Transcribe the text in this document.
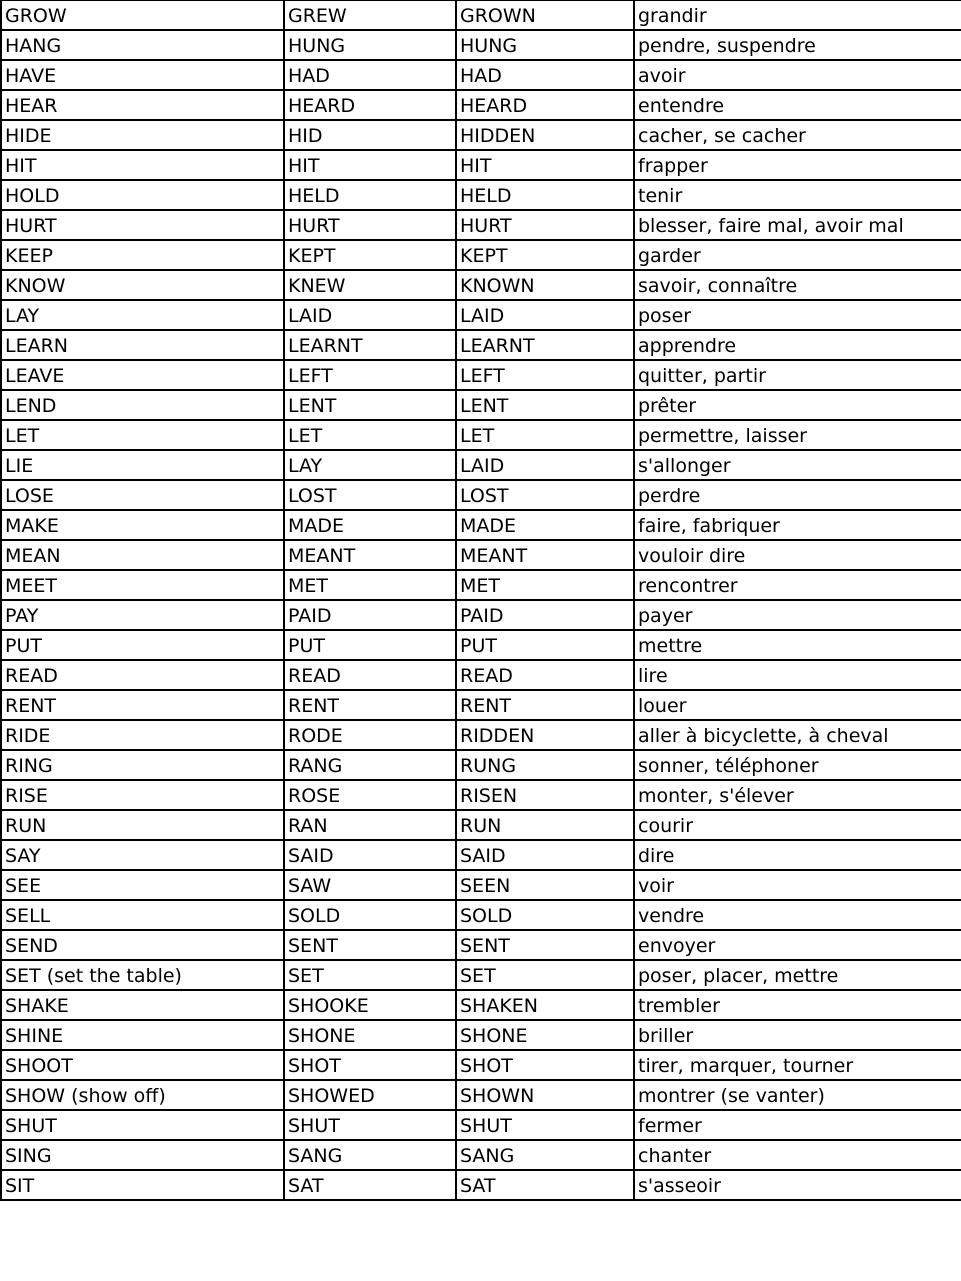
GROW	GREW	GROWN	grandir
HANG	HUNG	HUNG	pendre, suspendre
HAVE	HAD	HAD	avoir
HEAR	HEARD	HEARD	entendre
HIDE	HID	HIDDEN	cacher, se cacher
HIT	HIT	HIT	frapper
HOLD	HELD	HELD	tenir
HURT	HURT	HURT	blesser, faire mal, avoir mal
KEEP	KEPT	KEPT	garder
KNOW	KNEW	KNOWN	savoir, connaître
LAY	LAID	LAID	poser
LEARN	LEARNT	LEARNT	apprendre
LEAVE	LEFT	LEFT	quitter, partir
LEND	LENT	LENT	prêter
LET	LET	LET	permettre, laisser
LIE	LAY	LAID	s'allonger
LOSE	LOST	LOST	perdre
MAKE	MADE	MADE	faire, fabriquer
MEAN	MEANT	MEANT	vouloir dire
MEET	MET	MET	rencontrer
PAY	PAID	PAID	payer
PUT	PUT	PUT	mettre
READ	READ	READ	lire
RENT	RENT	RENT	louer
RIDE	RODE	RIDDEN	aller à bicyclette, à cheval
RING	RANG	RUNG	sonner, téléphoner
RISE	ROSE	RISEN	monter, s'élever
RUN	RAN	RUN	courir
SAY	SAID	SAID	dire
SEE	SAW	SEEN	voir
SELL	SOLD	SOLD	vendre
SEND	SENT	SENT	envoyer
SET (set the table)	SET	SET	poser, placer, mettre
SHAKE	SHOOKE	SHAKEN	trembler
SHINE	SHONE	SHONE	briller
SHOOT	SHOT	SHOT	tirer, marquer, tourner
SHOW (show off)	SHOWED	SHOWN	montrer (se vanter)
SHUT	SHUT	SHUT	fermer
SING	SANG	SANG	chanter
SIT	SAT	SAT	s'asseoir
